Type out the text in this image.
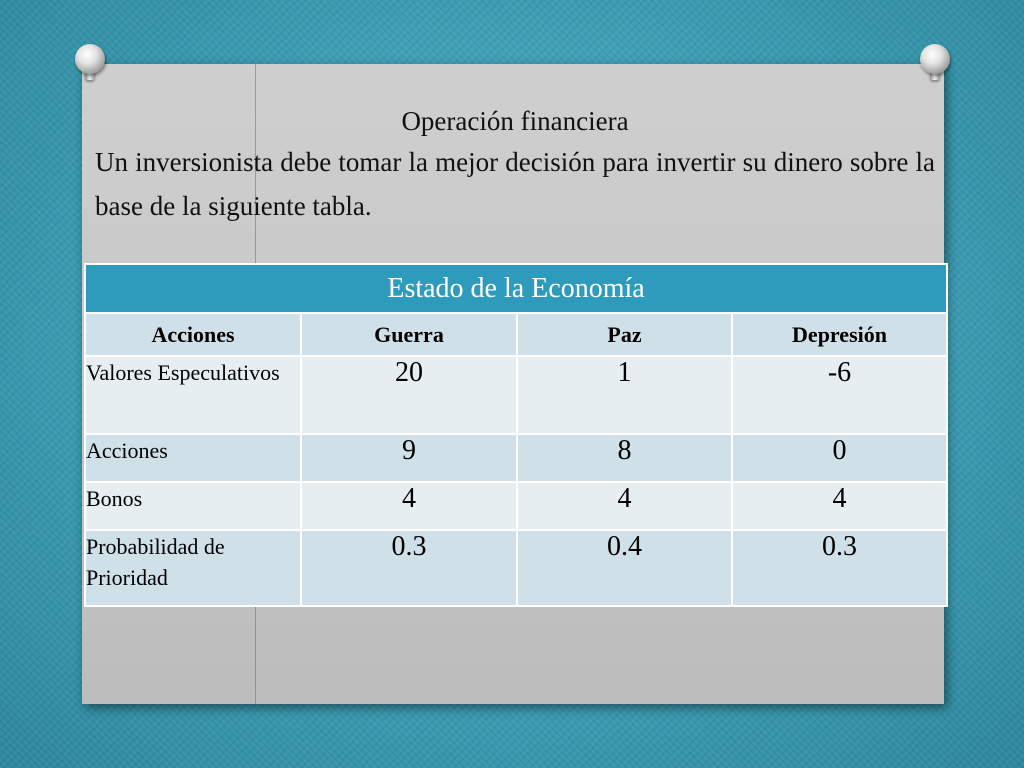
Operación financiera
Un inversionista debe tomar la mejor decisión para invertir su dinero sobre la base de la siguiente tabla.
Estado de la Economía			
Acciones	Guerra	Paz	Depresión
Valores Especulativos	20	1	-6
Acciones	9	8	0
Bonos	4	4	4
Probabilidad de Prioridad	0.3	0.4	0.3
